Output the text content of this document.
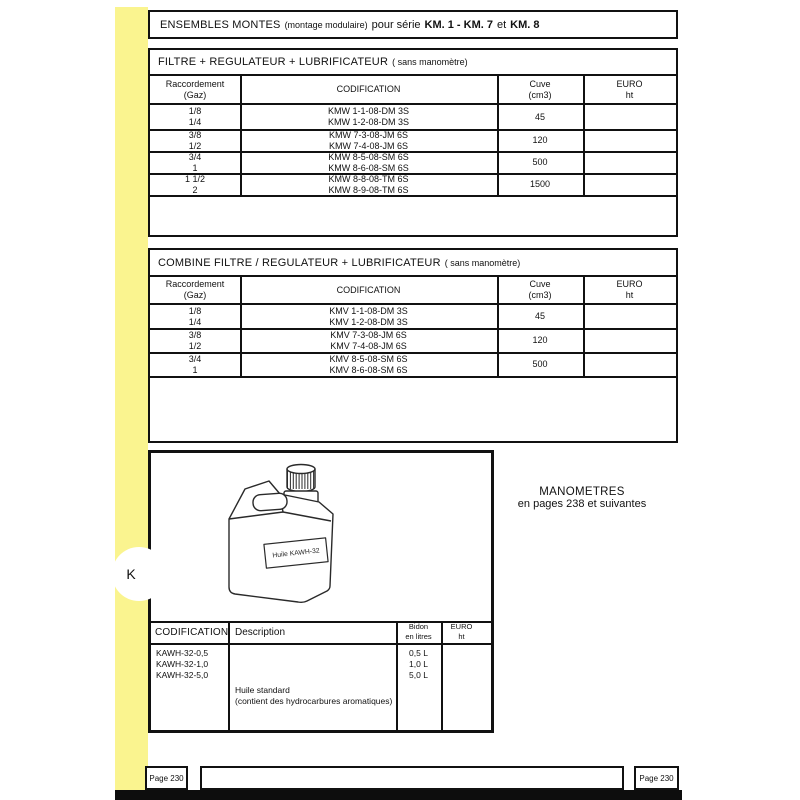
K
ENSEMBLES MONTES (montage modulaire) pour série KM. 1 - KM. 7 et KM. 8
FILTRE + REGULATEUR + LUBRIFICATEUR ( sans manomètre)
Raccordement
(Gaz)
CODIFICATION
Cuve
(cm3)
EURO
ht
1/8
1/4
KMW 1-1-08-DM 3S
KMW 1-2-08-DM 3S
45
3/8
1/2
KMW 7-3-08-JM 6S
KMW 7-4-08-JM 6S
120
3/4
1
KMW 8-5-08-SM 6S
KMW 8-6-08-SM 6S
500
1 1/2
2
KMW 8-8-08-TM 6S
KMW 8-9-08-TM 6S
1500
COMBINE FILTRE / REGULATEUR + LUBRIFICATEUR ( sans manomètre)
Raccordement
(Gaz)
CODIFICATION
Cuve
(cm3)
EURO
ht
1/8
1/4
KMV 1-1-08-DM 3S
KMV 1-2-08-DM 3S
45
3/8
1/2
KMV 7-3-08-JM 6S
KMV 7-4-08-JM 6S
120
3/4
1
KMV 8-5-08-SM 6S
KMV 8-6-08-SM 6S
500
Huile KAWH-32
CODIFICATION Description	Bidon
en litres
EURO
ht
KAWH-32-0,5
KAWH-32-1,0
KAWH-32-5,0
0,5 L
1,0 L
5,0 L
Huile standard
(contient des hydrocarbures aromatiques)
MANOMETRES
en pages 238 et suivantes
Page 230	Page 230
